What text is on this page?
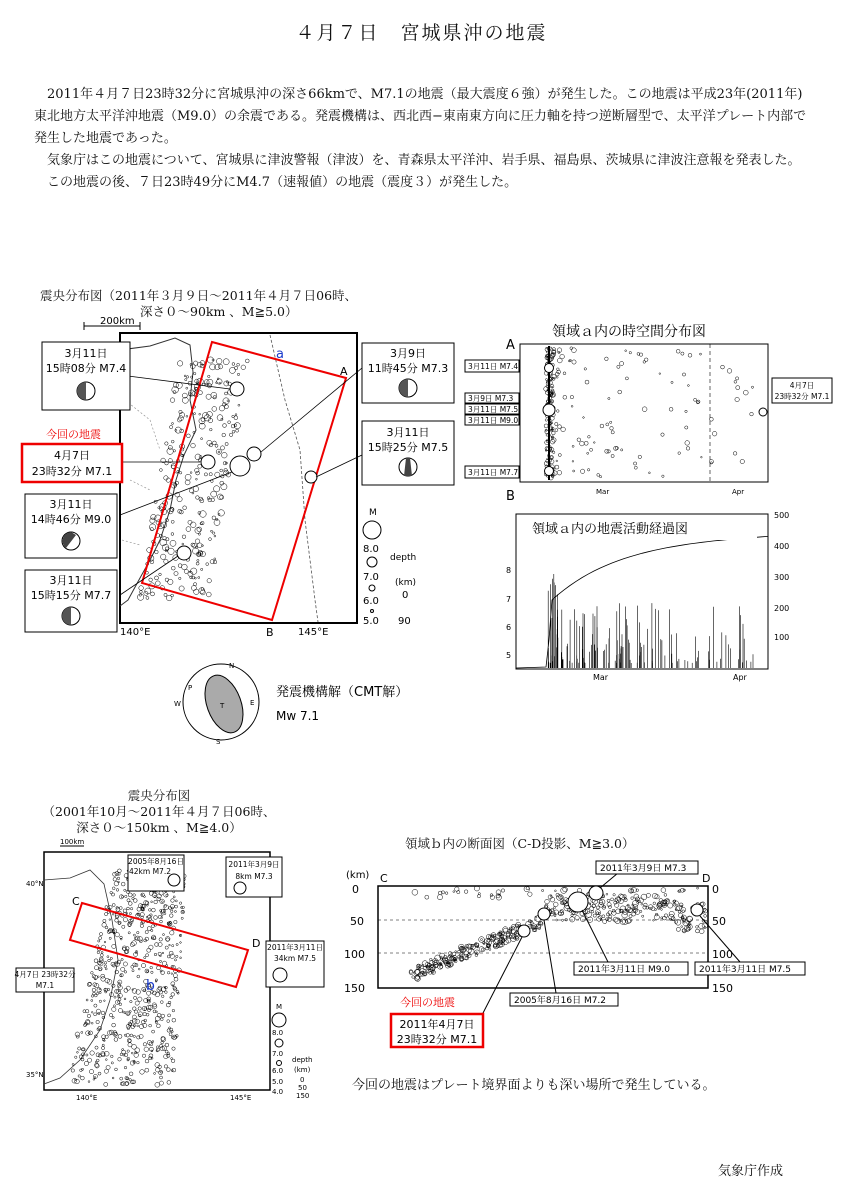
４月７日　宮城県沖の地震

2011年４月７日23時32分に宮城県沖の深さ66kmで、M7.1の地震（最大震度６強）が発生した。この地震は平成23年(2011年)東北地方太平洋沖地震（M9.0）の余震である。発震機構は、西北西−東南東方向に圧力軸を持つ逆断層型で、太平洋プレート内部で発生した地震であった。

気象庁はこの地震について、宮城県に津波警報（津波）を、青森県太平洋沖、岩手県、福島県、茨城県に津波注意報を発表した。

この地震の後、７日23時49分にM4.7（速報値）の地震（震度３）が発生した。

震央分布図（2011年３月９日〜2011年４月７日06時、
深さ０〜90km 、M≧5.0）
震央分布図
（2001年10月〜2011年４月７日06時、
深さ０〜150km 、M≧4.0）
領域ｂ内の断面図（C-D投影、M≧3.0）
今回の地震はプレート境界面よりも深い場所で発生している。
気象庁作成
200km
a
A
B
140°E	145°E
3月11日
15時08分 M7.4
今回の地震
4月7日
23時32分 M7.1
3月11日
14時46分 M9.0
3月11日
15時15分 M7.7
3月9日
11時45分 M7.3
3月11日
15時25分 M7.5
M
8.0
7.0
6.0
5.0
depth
(km)
0
90
領域ａ内の時空間分布図
A
B	Mar	Apr
3月11日 M7.4
3月9日 M7.3
3月11日 M7.5
3月11日 M9.0
3月11日 M7.7
4月7日
23時32分 M7.1
領域ａ内の地震活動経過図
8
7
6
5
500
400
300
200
100
Mar	Apr
N
E
S
W
P
T
発震機構解（CMT解）
Mw 7.1
100km
b
C
D
40°N
35°N
140°E	145°E
2005年8月16日
42km M7.2
2011年3月9日
8km M7.3
2011年3月11日
34km M7.5
4月7日 23時32分
M7.1
M
8.0
7.0
6.0
5.0
4.0
depth
(km)
0
50
150
(km) C	D
0
50
100
150
0
50
100
150
2011年3月9日 M7.3
2011年3月11日 M9.0	2011年3月11日 M7.5
2005年8月16日 M7.2
今回の地震
2011年4月7日
23時32分 M7.1
